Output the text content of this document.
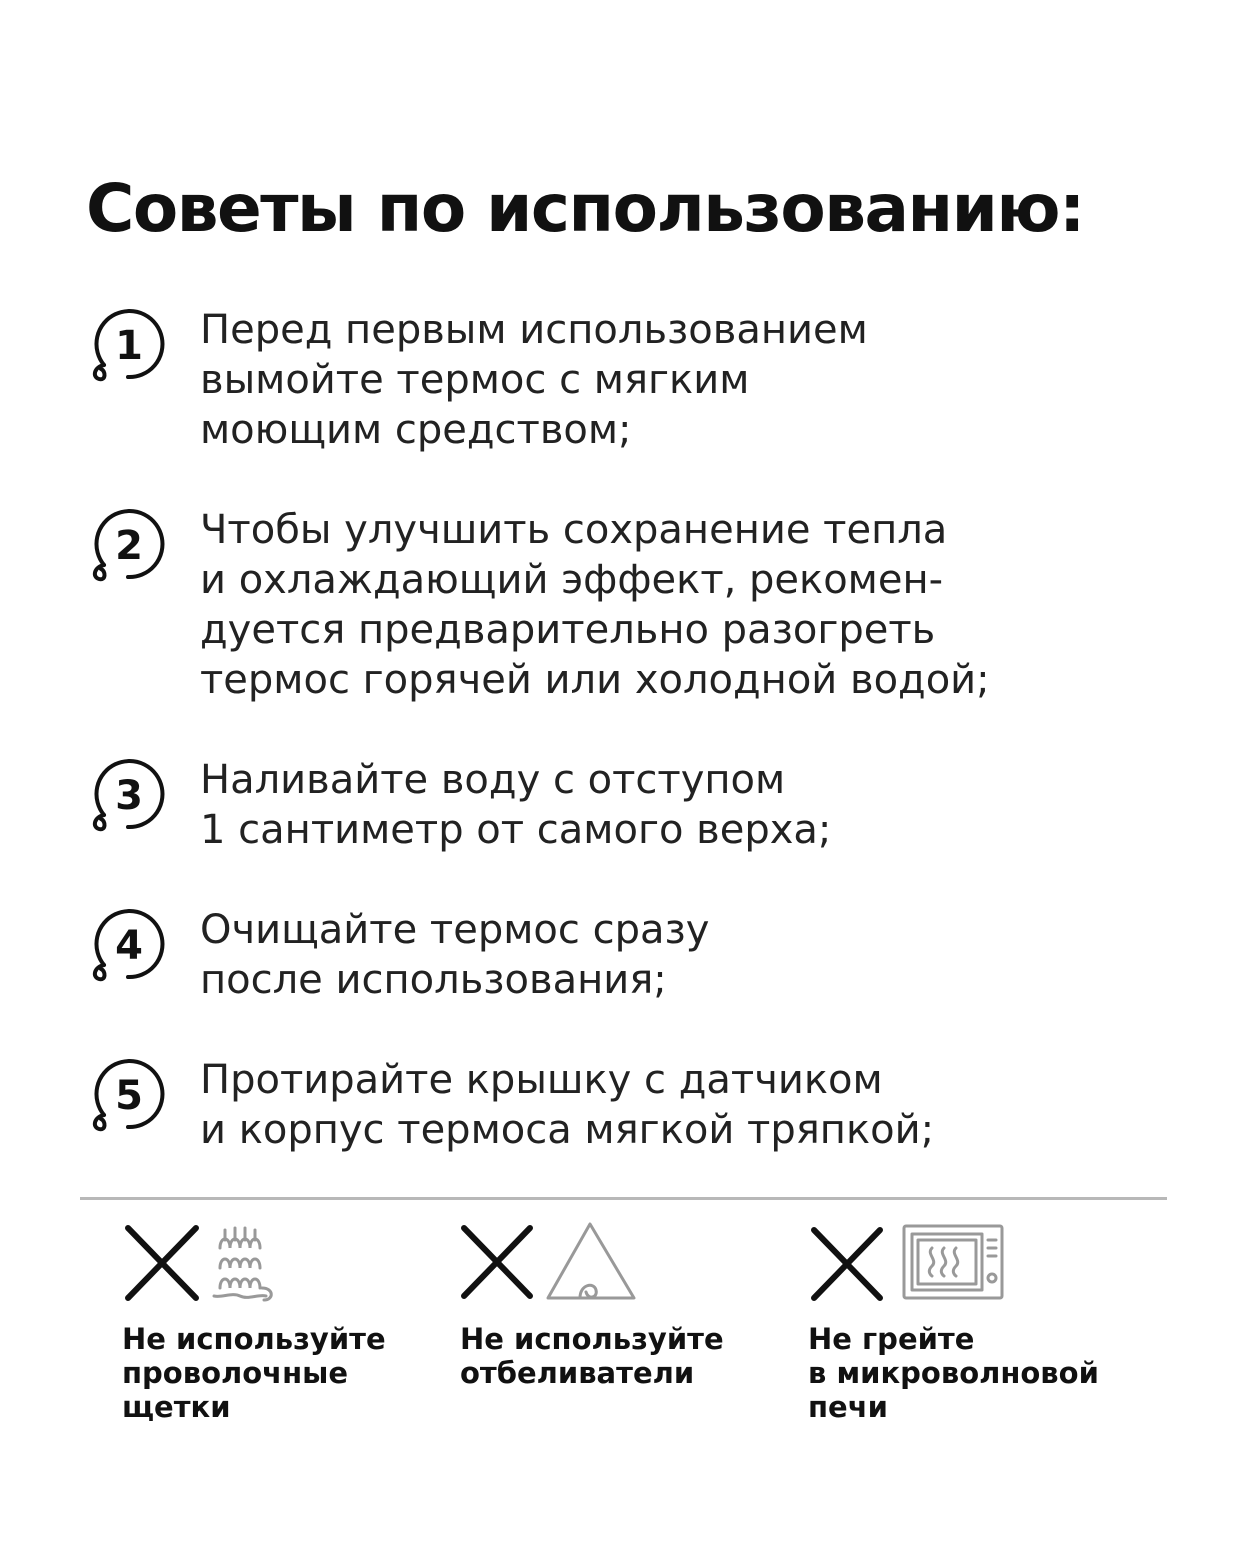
Советы по использованию:
1 Перед первым использованием
вымойте термос с мягким
моющим средством;
2 Чтобы улучшить сохранение тепла
и охлаждающий эффект, рекомен-
дуется предварительно разогреть
термос горячей или холодной водой;
3 Наливайте воду с отступом
1 сантиметр от самого верха;
4 Очищайте термос сразу
после использования;
5 Протирайте крышку с датчиком
и корпус термоса мягкой тряпкой;
Не используйте
проволочные
щетки
Не используйте
отбеливатели
Не грейте
в микроволновой
печи
